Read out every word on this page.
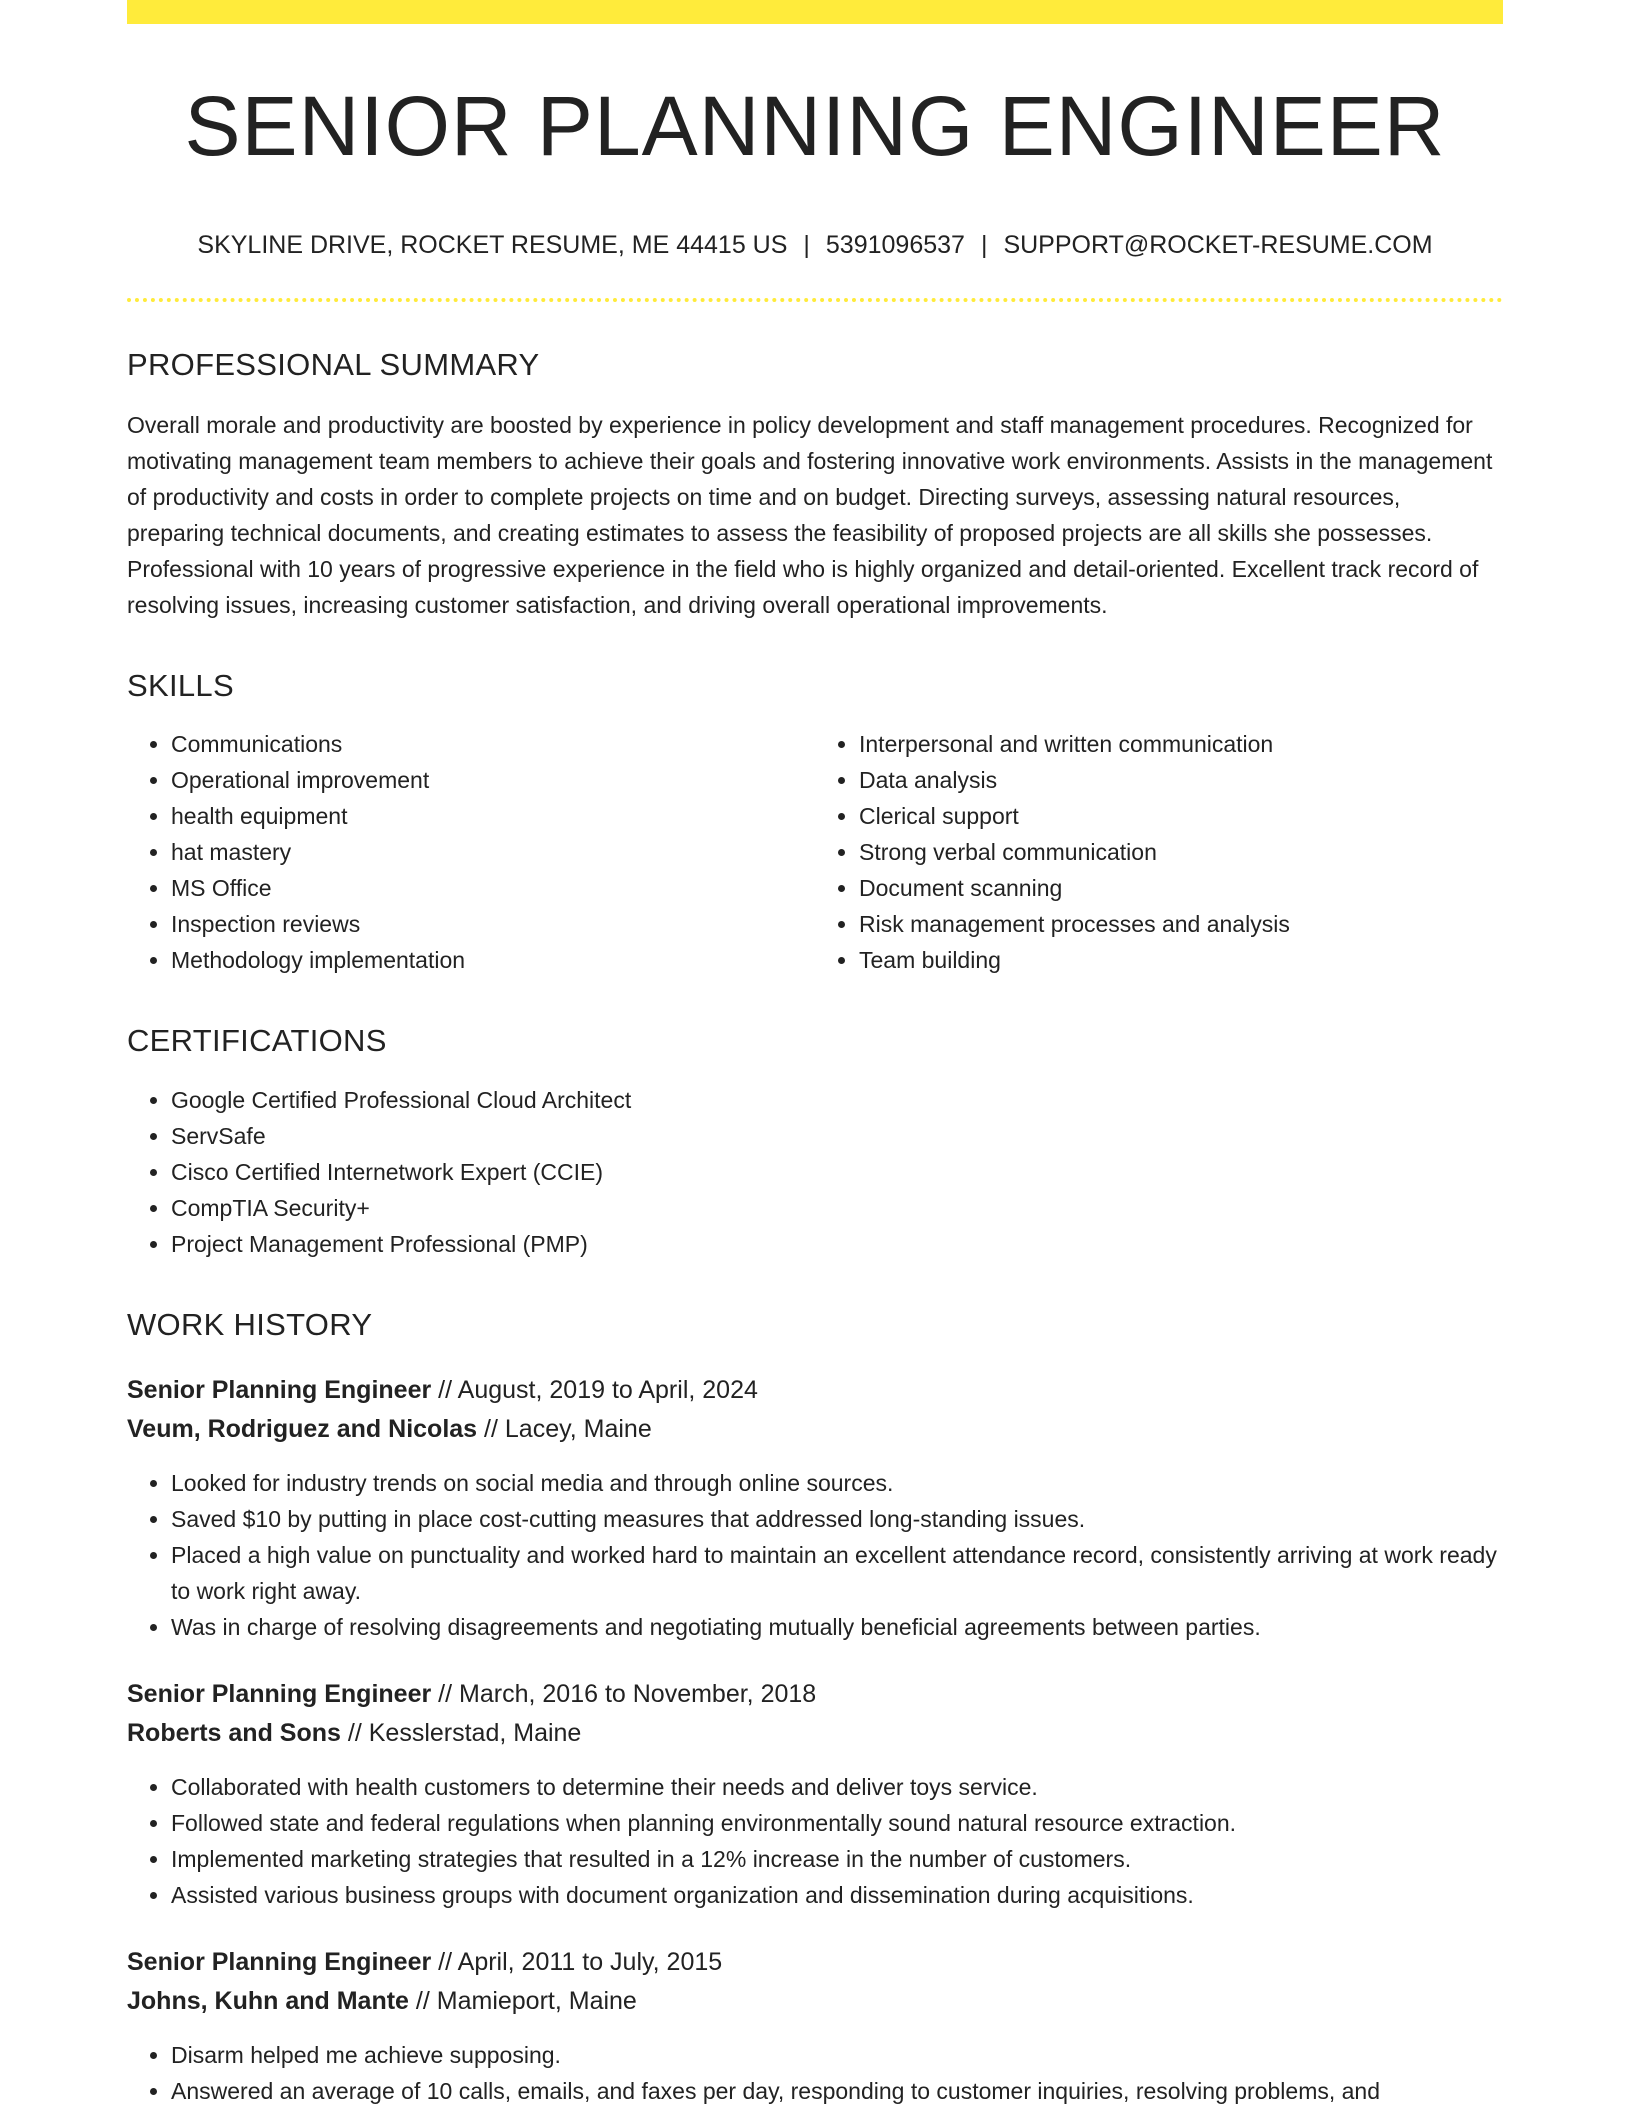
SENIOR PLANNING ENGINEER
SKYLINE DRIVE, ROCKET RESUME, ME 44415 US | 5391096537 | SUPPORT@ROCKET-RESUME.COM
PROFESSIONAL SUMMARY
Overall morale and productivity are boosted by experience in policy development and staff management procedures. Recognized for motivating management team members to achieve their goals and fostering innovative work environments. Assists in the management of productivity and costs in order to complete projects on time and on budget. Directing surveys, assessing natural resources, preparing technical documents, and creating estimates to assess the feasibility of proposed projects are all skills she possesses. Professional with 10 years of progressive experience in the field who is highly organized and detail-oriented. Excellent track record of resolving issues, increasing customer satisfaction, and driving overall operational improvements.
SKILLS
• Communications
• Operational improvement
• health equipment
• hat mastery
• MS Office
• Inspection reviews
• Methodology implementation
• Interpersonal and written communication
• Data analysis
• Clerical support
• Strong verbal communication
• Document scanning
• Risk management processes and analysis
• Team building
CERTIFICATIONS
• Google Certified Professional Cloud Architect
• ServSafe
• Cisco Certified Internetwork Expert (CCIE)
• CompTIA Security+
• Project Management Professional (PMP)
WORK HISTORY
Senior Planning Engineer // August, 2019 to April, 2024
Veum, Rodriguez and Nicolas // Lacey, Maine
• Looked for industry trends on social media and through online sources.
• Saved $10 by putting in place cost-cutting measures that addressed long-standing issues.
• Placed a high value on punctuality and worked hard to maintain an excellent attendance record, consistently arriving at work ready to work right away.
• Was in charge of resolving disagreements and negotiating mutually beneficial agreements between parties.
Senior Planning Engineer // March, 2016 to November, 2018
Roberts and Sons // Kesslerstad, Maine
• Collaborated with health customers to determine their needs and deliver toys service.
• Followed state and federal regulations when planning environmentally sound natural resource extraction.
• Implemented marketing strategies that resulted in a 12% increase in the number of customers.
• Assisted various business groups with document organization and dissemination during acquisitions.
Senior Planning Engineer // April, 2011 to July, 2015
Johns, Kuhn and Mante // Mamieport, Maine
• Disarm helped me achieve supposing.
• Answered an average of 10 calls, emails, and faxes per day, responding to customer inquiries, resolving problems, and
